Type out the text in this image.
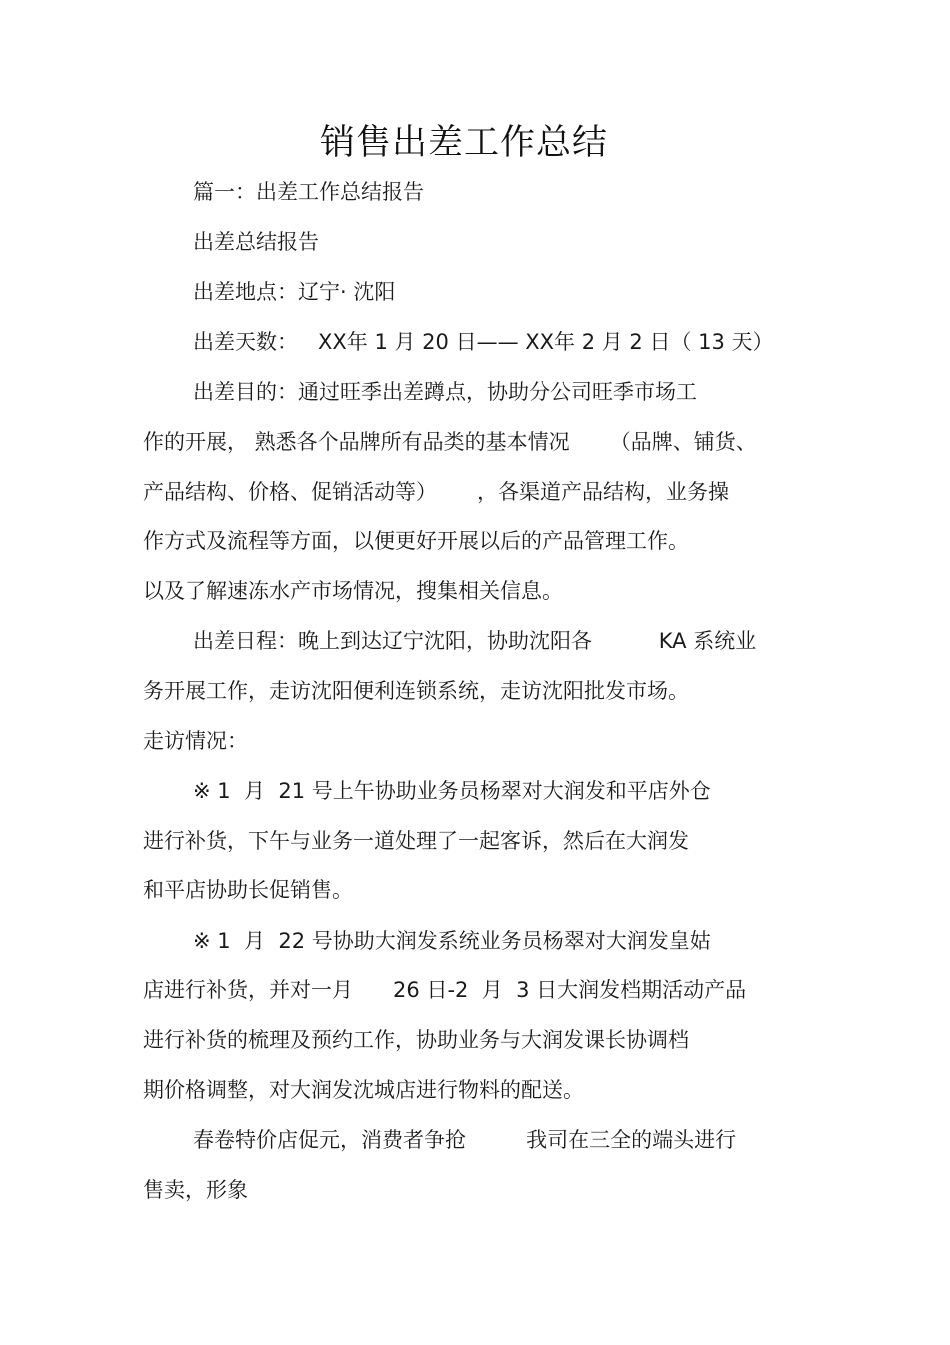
销售出差工作总结
篇一：出差工作总结报告
出差总结报告
出差地点：辽宁· 沈阳
出差天数：   XX年 1 月 20 日—— XX年 2 月 2 日（ 13 天）
出差目的：通过旺季出差蹲点，协助分公司旺季市场工
作的开展， 熟悉各个品牌所有品类的基本情况      （品牌、铺货、
产品结构、价格、促销活动等）      ，各渠道产品结构，业务操
作方式及流程等方面，以便更好开展以后的产品管理工作。
以及了解速冻水产市场情况，搜集相关信息。
出差日程：晚上到达辽宁沈阳，协助沈阳各          KA 系统业
务开展工作，走访沈阳便利连锁系统，走访沈阳批发市场。
走访情况：
※ 1  月  21 号上午协助业务员杨翠对大润发和平店外仓
进行补货，下午与业务一道处理了一起客诉，然后在大润发
和平店协助长促销售。
※ 1  月  22 号协助大润发系统业务员杨翠对大润发皇姑
店进行补货，并对一月      26 日-2  月  3 日大润发档期活动产品
进行补货的梳理及预约工作，协助业务与大润发课长协调档
期价格调整，对大润发沈城店进行物料的配送。
春卷特价店促元，消费者争抢         我司在三全的端头进行
售卖，形象
